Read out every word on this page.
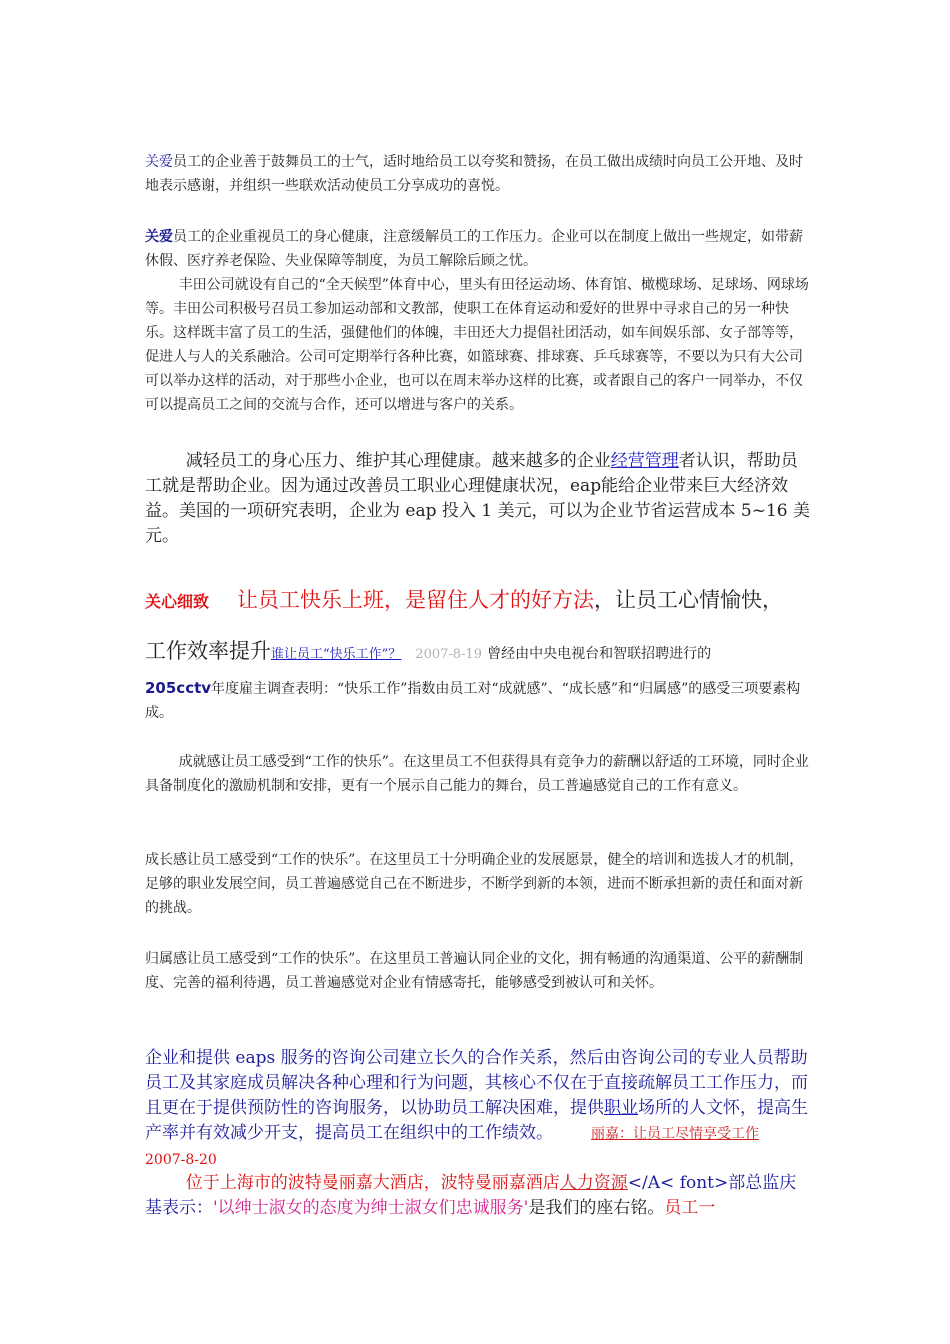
关爱员工的企业善于鼓舞员工的士气，适时地给员工以夸奖和赞扬，在员工做出成绩时向员工公开地、及时地表示感谢，并组织一些联欢活动使员工分享成功的喜悦。

关爱员工的企业重视员工的身心健康，注意缓解员工的工作压力。企业可以在制度上做出一些规定，如带薪休假、医疗养老保险、失业保障等制度，为员工解除后顾之忧。

丰田公司就设有自己的“全天候型”体育中心，里头有田径运动场、体育馆、橄榄球场、足球场、网球场等。丰田公司积极号召员工参加运动部和文教部，使职工在体育运动和爱好的世界中寻求自己的另一种快乐。这样既丰富了员工的生活，强健他们的体魄，丰田还大力提倡社团活动，如车间娱乐部、女子部等等，促进人与人的关系融洽。公司可定期举行各种比赛，如篮球赛、排球赛、乒乓球赛等，不要以为只有大公司可以举办这样的活动，对于那些小企业，也可以在周末举办这样的比赛，或者跟自己的客户一同举办，不仅可以提高员工之间的交流与合作，还可以增进与客户的关系。

减轻员工的身心压力、维护其心理健康。越来越多的企业经营管理者认识，帮助员工就是帮助企业。因为通过改善员工职业心理健康状况，eap能给企业带来巨大经济效益。美国的一项研究表明，企业为 eap 投入 1 美元，可以为企业节省运营成本 5~16 美元。

关心细致 让员工快乐上班，是留住人才的好方法，让员工心情愉快，
工作效率提升谁让员工“快乐工作”？ 2007-8-19 曾经由中央电视台和智联招聘进行的

205cctv年度雇主调查表明：“快乐工作”指数由员工对“成就感”、“成长感”和“归属感”的感受三项要素构成。

成就感让员工感受到“工作的快乐”。在这里员工不但获得具有竞争力的薪酬以舒适的工环境，同时企业具备制度化的激励机制和安排，更有一个展示自己能力的舞台，员工普遍感觉自己的工作有意义。

成长感让员工感受到“工作的快乐”。在这里员工十分明确企业的发展愿景，健全的培训和选拔人才的机制，足够的职业发展空间，员工普遍感觉自己在不断进步，不断学到新的本领，进而不断承担新的责任和面对新的挑战。

归属感让员工感受到“工作的快乐”。在这里员工普遍认同企业的文化，拥有畅通的沟通渠道、公平的薪酬制度、完善的福利待遇，员工普遍感觉对企业有情感寄托，能够感受到被认可和关怀。

企业和提供 eaps 服务的咨询公司建立长久的合作关系，然后由咨询公司的专业人员帮助员工及其家庭成员解决各种心理和行为问题，其核心不仅在于直接疏解员工工作压力，而且更在于提供预防性的咨询服务，以协助员工解决困难，提供职业场所的人文怀，提高生产率并有效减少开支，提高员工在组织中的工作绩效。	丽嘉：让员工尽情享受工作2007-8-20

位于上海市的波特曼丽嘉大酒店，波特曼丽嘉酒店人力资源</A< font>部总监庆基表示：'以绅士淑女的态度为绅士淑女们忠诚服务'是我们的座右铭。员工一
